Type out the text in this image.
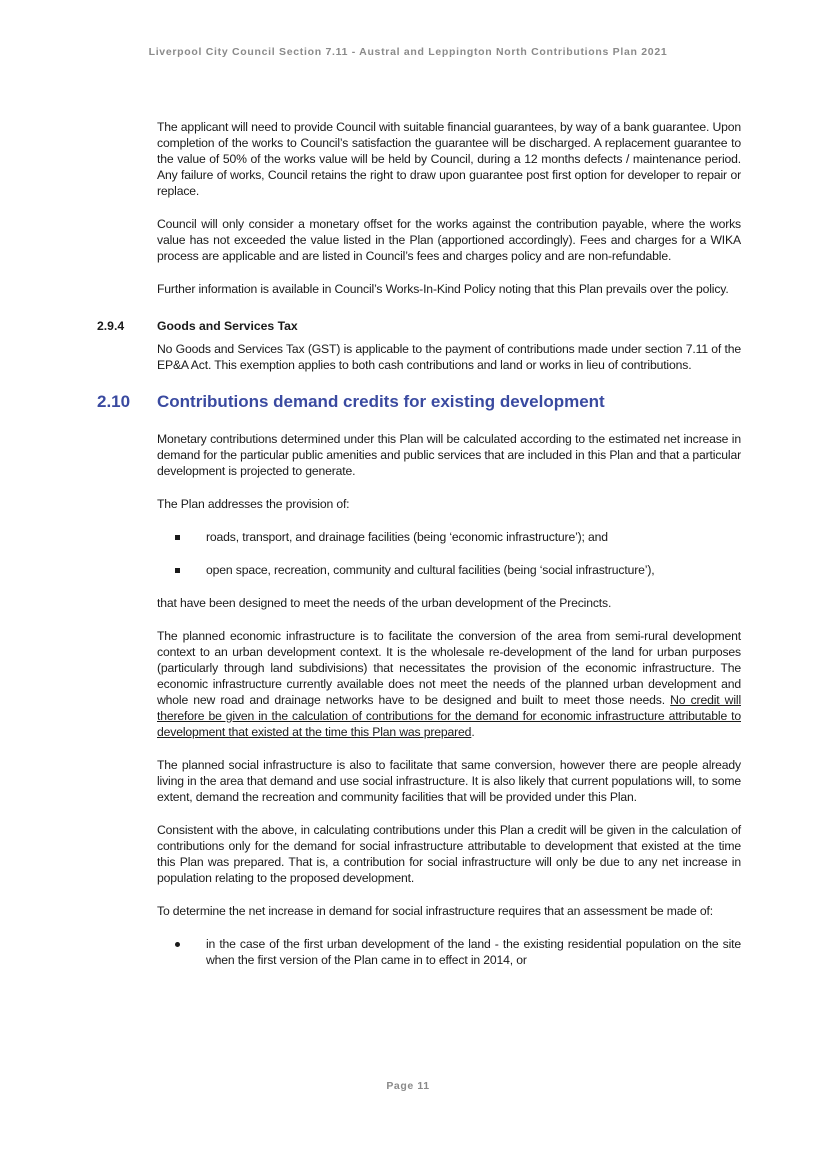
Liverpool City Council Section 7.11 - Austral and Leppington North Contributions Plan 2021

The applicant will need to provide Council with suitable financial guarantees, by way of a bank guarantee. Upon completion of the works to Council’s satisfaction the guarantee will be discharged. A replacement guarantee to the value of 50% of the works value will be held by Council, during a 12 months defects / maintenance period. Any failure of works, Council retains the right to draw upon guarantee post first option for developer to repair or replace.

Council will only consider a monetary offset for the works against the contribution payable, where the works value has not exceeded the value listed in the Plan (apportioned accordingly). Fees and charges for a WIKA process are applicable and are listed in Council’s fees and charges policy and are non-refundable.

Further information is available in Council’s Works-In-Kind Policy noting that this Plan prevails over the policy.

2.9.4	Goods and Services Tax

No Goods and Services Tax (GST) is applicable to the payment of contributions made under section 7.11 of the EP&A Act. This exemption applies to both cash contributions and land or works in lieu of contributions.

2.10 Contributions demand credits for existing development

Monetary contributions determined under this Plan will be calculated according to the estimated net increase in demand for the particular public amenities and public services that are included in this Plan and that a particular development is projected to generate.

The Plan addresses the provision of:

roads, transport, and drainage facilities (being ‘economic infrastructure’); and
open space, recreation, community and cultural facilities (being ‘social infrastructure’),

that have been designed to meet the needs of the urban development of the Precincts.

The planned economic infrastructure is to facilitate the conversion of the area from semi-rural development context to an urban development context. It is the wholesale re-development of the land for urban purposes (particularly through land subdivisions) that necessitates the provision of the economic infrastructure. The economic infrastructure currently available does not meet the needs of the planned urban development and whole new road and drainage networks have to be designed and built to meet those needs. No credit will therefore be given in the calculation of contributions for the demand for economic infrastructure attributable to development that existed at the time this Plan was prepared.

The planned social infrastructure is also to facilitate that same conversion, however there are people already living in the area that demand and use social infrastructure. It is also likely that current populations will, to some extent, demand the recreation and community facilities that will be provided under this Plan.

Consistent with the above, in calculating contributions under this Plan a credit will be given in the calculation of contributions only for the demand for social infrastructure attributable to development that existed at the time this Plan was prepared. That is, a contribution for social infrastructure will only be due to any net increase in population relating to the proposed development.

To determine the net increase in demand for social infrastructure requires that an assessment be made of:

in the case of the first urban development of the land - the existing residential population on the site when the first version of the Plan came in to effect in 2014, or
Page 11
